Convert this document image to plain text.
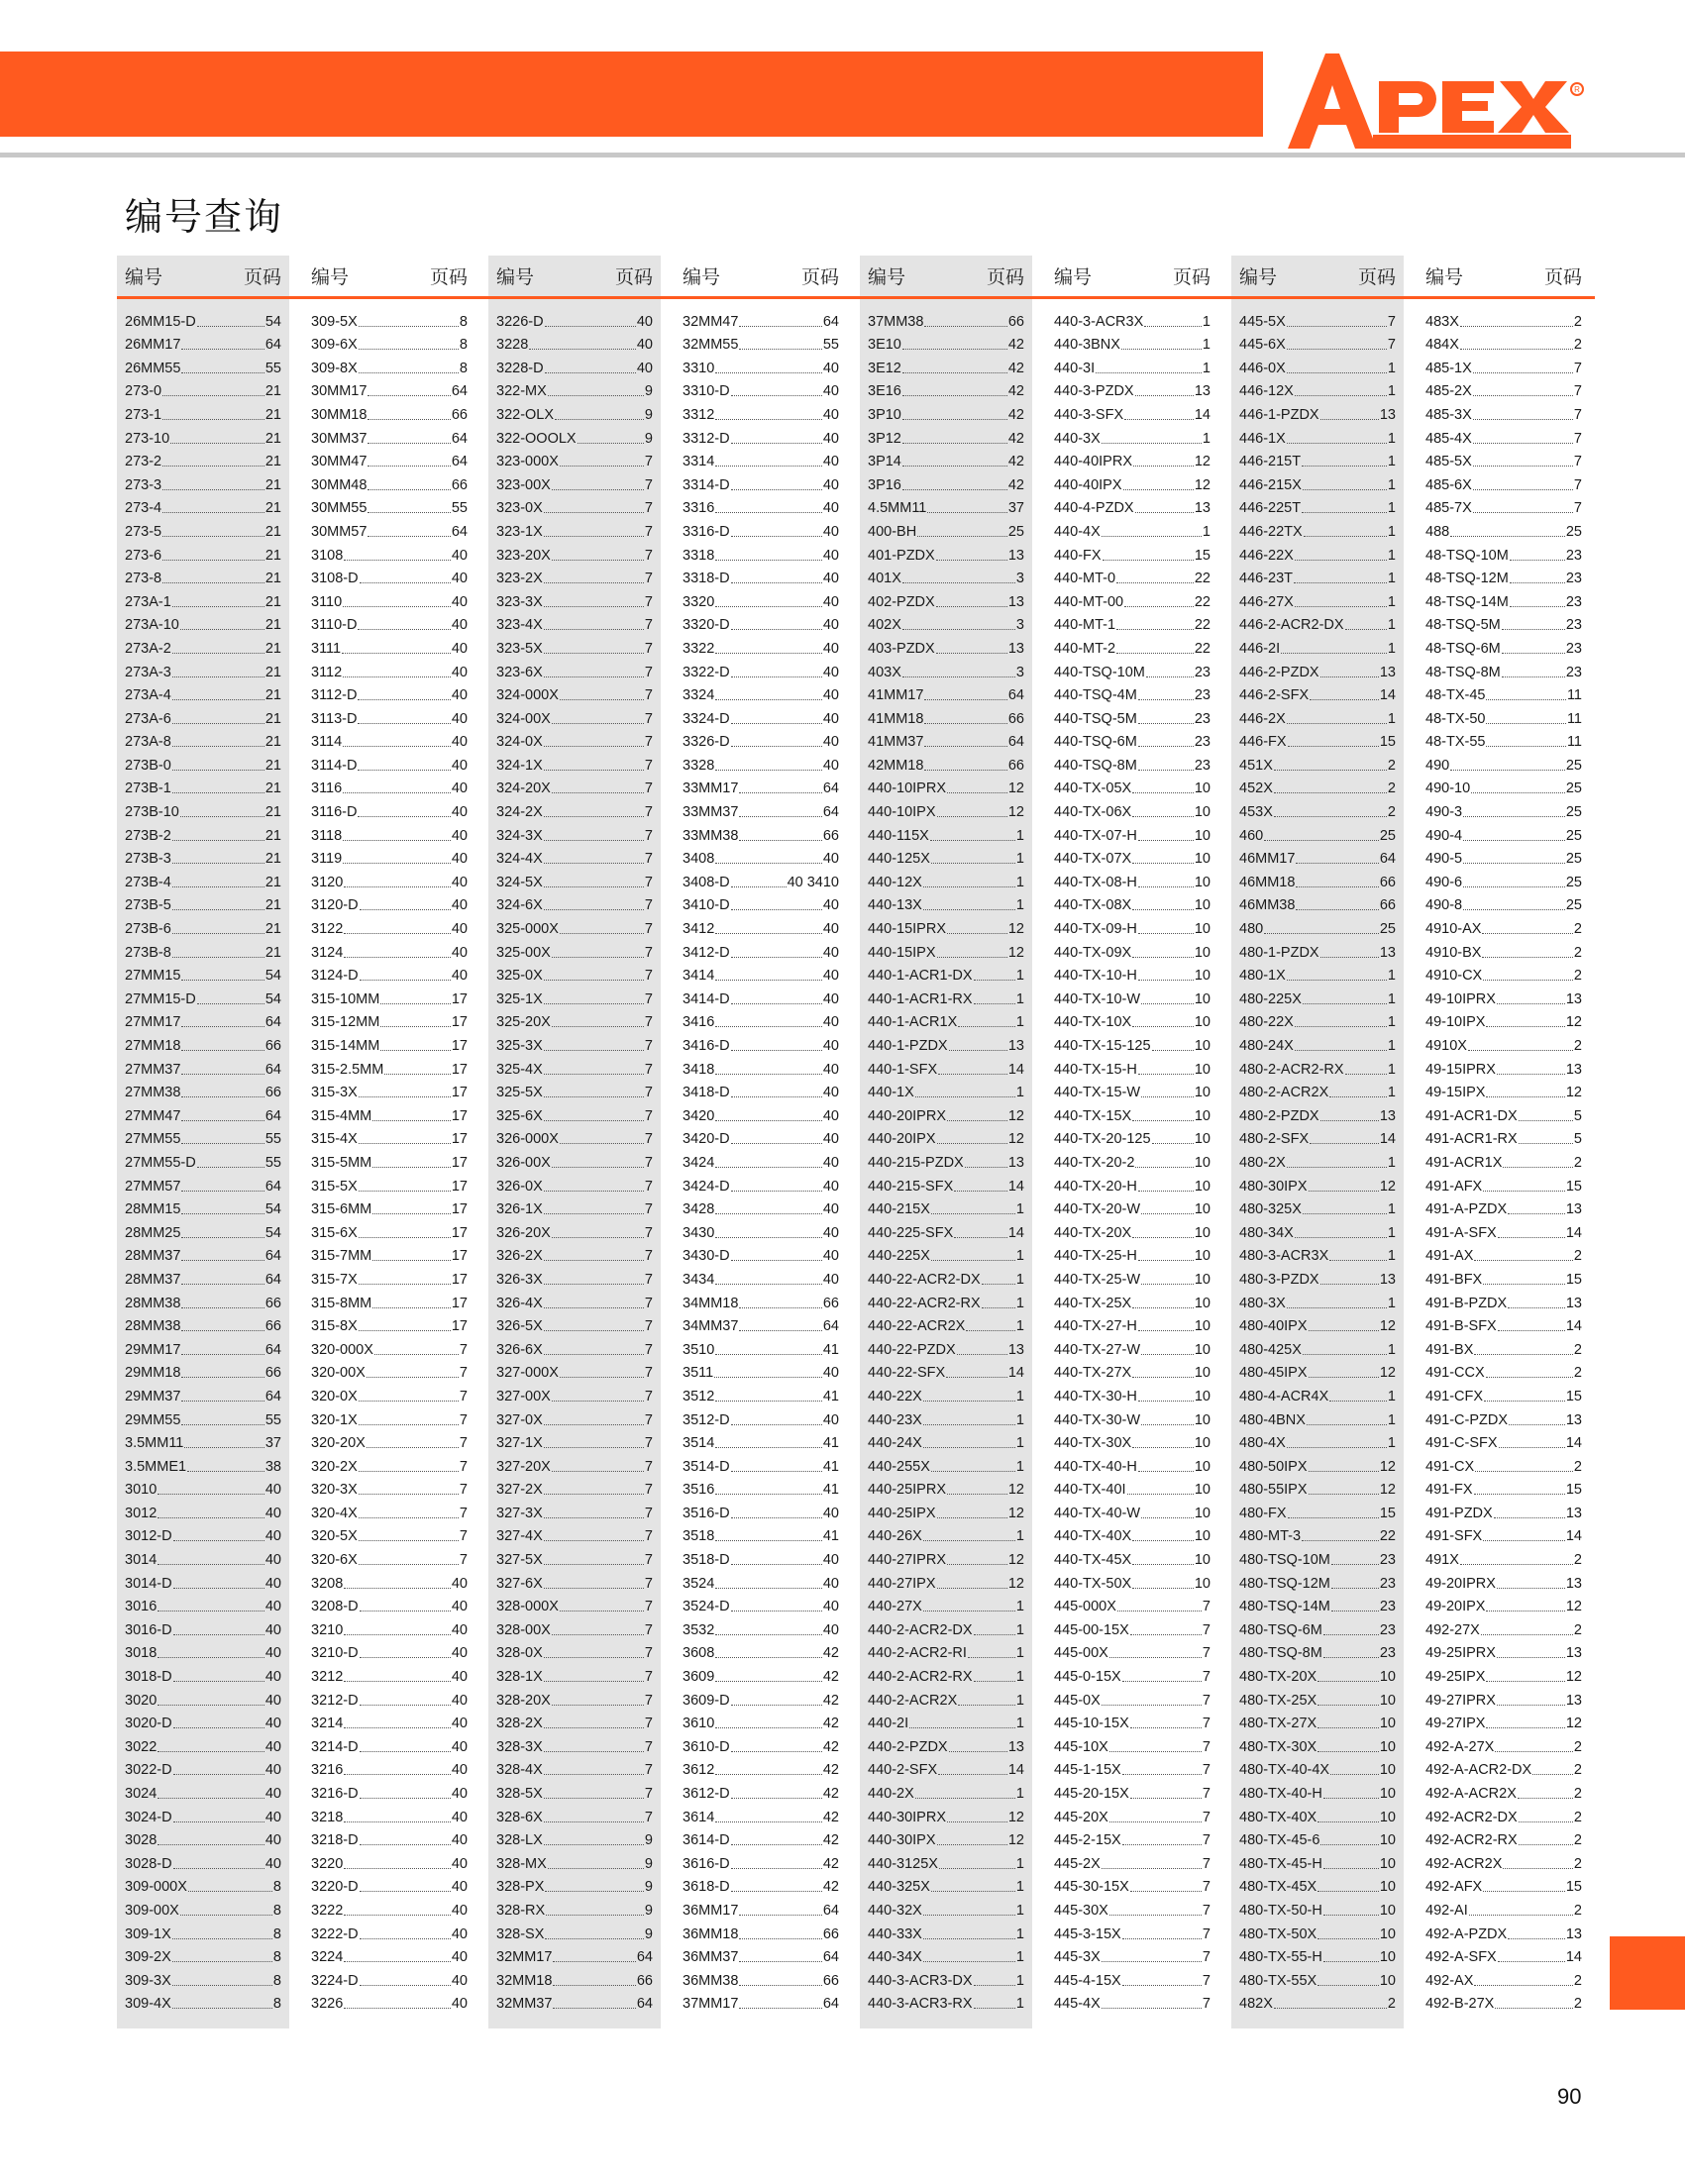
R
编号查询
编号	页码
26MM15-D	54
26MM17	64
26MM55	55
273-0	21
273-1	21
273-10	21
273-2	21
273-3	21
273-4	21
273-5	21
273-6	21
273-8	21
273A-1	21
273A-10	21
273A-2	21
273A-3	21
273A-4	21
273A-6	21
273A-8	21
273B-0	21
273B-1	21
273B-10	21
273B-2	21
273B-3	21
273B-4	21
273B-5	21
273B-6	21
273B-8	21
27MM15	54
27MM15-D	54
27MM17	64
27MM18	66
27MM37	64
27MM38	66
27MM47	64
27MM55	55
27MM55-D	55
27MM57	64
28MM15	54
28MM25	54
28MM37	64
28MM37	64
28MM38	66
28MM38	66
29MM17	64
29MM18	66
29MM37	64
29MM55	55
3.5MM11	37
3.5MME1	38
3010	40
3012	40
3012-D	40
3014	40
3014-D	40
3016	40
3016-D	40
3018	40
3018-D	40
3020	40
3020-D	40
3022	40
3022-D	40
3024	40
3024-D	40
3028	40
3028-D	40
309-000X	8
309-00X	8
309-1X	8
309-2X	8
309-3X	8
309-4X	8
编号	页码
309-5X	8
309-6X	8
309-8X	8
30MM17	64
30MM18	66
30MM37	64
30MM47	64
30MM48	66
30MM55	55
30MM57	64
3108	40
3108-D	40
3110	40
3110-D	40
3111	40
3112	40
3112-D	40
3113-D	40
3114	40
3114-D	40
3116	40
3116-D	40
3118	40
3119	40
3120	40
3120-D	40
3122	40
3124	40
3124-D	40
315-10MM	17
315-12MM	17
315-14MM	17
315-2.5MM	17
315-3X	17
315-4MM	17
315-4X	17
315-5MM	17
315-5X	17
315-6MM	17
315-6X	17
315-7MM	17
315-7X	17
315-8MM	17
315-8X	17
320-000X	7
320-00X	7
320-0X	7
320-1X	7
320-20X	7
320-2X	7
320-3X	7
320-4X	7
320-5X	7
320-6X	7
3208	40
3208-D	40
3210	40
3210-D	40
3212	40
3212-D	40
3214	40
3214-D	40
3216	40
3216-D	40
3218	40
3218-D	40
3220	40
3220-D	40
3222	40
3222-D	40
3224	40
3224-D	40
3226	40
编号	页码
3226-D	40
3228	40
3228-D	40
322-MX	9
322-OLX	9
322-OOOLX	9
323-000X	7
323-00X	7
323-0X	7
323-1X	7
323-20X	7
323-2X	7
323-3X	7
323-4X	7
323-5X	7
323-6X	7
324-000X	7
324-00X	7
324-0X	7
324-1X	7
324-20X	7
324-2X	7
324-3X	7
324-4X	7
324-5X	7
324-6X	7
325-000X	7
325-00X	7
325-0X	7
325-1X	7
325-20X	7
325-3X	7
325-4X	7
325-5X	7
325-6X	7
326-000X	7
326-00X	7
326-0X	7
326-1X	7
326-20X	7
326-2X	7
326-3X	7
326-4X	7
326-5X	7
326-6X	7
327-000X	7
327-00X	7
327-0X	7
327-1X	7
327-20X	7
327-2X	7
327-3X	7
327-4X	7
327-5X	7
327-6X	7
328-000X	7
328-00X	7
328-0X	7
328-1X	7
328-20X	7
328-2X	7
328-3X	7
328-4X	7
328-5X	7
328-6X	7
328-LX	9
328-MX	9
328-PX	9
328-RX	9
328-SX	9
32MM17	64
32MM18	66
32MM37	64
编号	页码
32MM47	64
32MM55	55
3310	40
3310-D	40
3312	40
3312-D	40
3314	40
3314-D	40
3316	40
3316-D	40
3318	40
3318-D	40
3320	40
3320-D	40
3322	40
3322-D	40
3324	40
3324-D	40
3326-D	40
3328	40
33MM17	64
33MM37	64
33MM38	66
3408	40
3408-D	40 3410
3410-D	40
3412	40
3412-D	40
3414	40
3414-D	40
3416	40
3416-D	40
3418	40
3418-D	40
3420	40
3420-D	40
3424	40
3424-D	40
3428	40
3430	40
3430-D	40
3434	40
34MM18	66
34MM37	64
3510	41
3511	40
3512	41
3512-D	40
3514	41
3514-D	41
3516	41
3516-D	40
3518	41
3518-D	40
3524	40
3524-D	40
3532	40
3608	42
3609	42
3609-D	42
3610	42
3610-D	42
3612	42
3612-D	42
3614	42
3614-D	42
3616-D	42
3618-D	42
36MM17	64
36MM18	66
36MM37	64
36MM38	66
37MM17	64
编号	页码
37MM38	66
3E10	42
3E12	42
3E16	42
3P10	42
3P12	42
3P14	42
3P16	42
4.5MM11	37
400-BH	25
401-PZDX	13
401X	3
402-PZDX	13
402X	3
403-PZDX	13
403X	3
41MM17	64
41MM18	66
41MM37	64
42MM18	66
440-10IPRX	12
440-10IPX	12
440-115X	1
440-125X	1
440-12X	1
440-13X	1
440-15IPRX	12
440-15IPX	12
440-1-ACR1-DX	1
440-1-ACR1-RX	1
440-1-ACR1X	1
440-1-PZDX	13
440-1-SFX	14
440-1X	1
440-20IPRX	12
440-20IPX	12
440-215-PZDX	13
440-215-SFX	14
440-215X	1
440-225-SFX	14
440-225X	1
440-22-ACR2-DX	1
440-22-ACR2-RX	1
440-22-ACR2X	1
440-22-PZDX	13
440-22-SFX	14
440-22X	1
440-23X	1
440-24X	1
440-255X	1
440-25IPRX	12
440-25IPX	12
440-26X	1
440-27IPRX	12
440-27IPX	12
440-27X	1
440-2-ACR2-DX	1
440-2-ACR2-RI	1
440-2-ACR2-RX	1
440-2-ACR2X	1
440-2I	1
440-2-PZDX	13
440-2-SFX	14
440-2X	1
440-30IPRX	12
440-30IPX	12
440-3125X	1
440-325X	1
440-32X	1
440-33X	1
440-34X	1
440-3-ACR3-DX	1
440-3-ACR3-RX	1
编号	页码
440-3-ACR3X	1
440-3BNX	1
440-3I	1
440-3-PZDX	13
440-3-SFX	14
440-3X	1
440-40IPRX	12
440-40IPX	12
440-4-PZDX	13
440-4X	1
440-FX	15
440-MT-0	22
440-MT-00	22
440-MT-1	22
440-MT-2	22
440-TSQ-10M	23
440-TSQ-4M	23
440-TSQ-5M	23
440-TSQ-6M	23
440-TSQ-8M	23
440-TX-05X	10
440-TX-06X	10
440-TX-07-H	10
440-TX-07X	10
440-TX-08-H	10
440-TX-08X	10
440-TX-09-H	10
440-TX-09X	10
440-TX-10-H	10
440-TX-10-W	10
440-TX-10X	10
440-TX-15-125	10
440-TX-15-H	10
440-TX-15-W	10
440-TX-15X	10
440-TX-20-125	10
440-TX-20-2	10
440-TX-20-H	10
440-TX-20-W	10
440-TX-20X	10
440-TX-25-H	10
440-TX-25-W	10
440-TX-25X	10
440-TX-27-H	10
440-TX-27-W	10
440-TX-27X	10
440-TX-30-H	10
440-TX-30-W	10
440-TX-30X	10
440-TX-40-H	10
440-TX-40I	10
440-TX-40-W	10
440-TX-40X	10
440-TX-45X	10
440-TX-50X	10
445-000X	7
445-00-15X	7
445-00X	7
445-0-15X	7
445-0X	7
445-10-15X	7
445-10X	7
445-1-15X	7
445-20-15X	7
445-20X	7
445-2-15X	7
445-2X	7
445-30-15X	7
445-30X	7
445-3-15X	7
445-3X	7
445-4-15X	7
445-4X	7
编号	页码
445-5X	7
445-6X	7
446-0X	1
446-12X	1
446-1-PZDX	13
446-1X	1
446-215T	1
446-215X	1
446-225T	1
446-22TX	1
446-22X	1
446-23T	1
446-27X	1
446-2-ACR2-DX	1
446-2I	1
446-2-PZDX	13
446-2-SFX	14
446-2X	1
446-FX	15
451X	2
452X	2
453X	2
460	25
46MM17	64
46MM18	66
46MM38	66
480	25
480-1-PZDX	13
480-1X	1
480-225X	1
480-22X	1
480-24X	1
480-2-ACR2-RX	1
480-2-ACR2X	1
480-2-PZDX	13
480-2-SFX	14
480-2X	1
480-30IPX	12
480-325X	1
480-34X	1
480-3-ACR3X	1
480-3-PZDX	13
480-3X	1
480-40IPX	12
480-425X	1
480-45IPX	12
480-4-ACR4X	1
480-4BNX	1
480-4X	1
480-50IPX	12
480-55IPX	12
480-FX	15
480-MT-3	22
480-TSQ-10M	23
480-TSQ-12M	23
480-TSQ-14M	23
480-TSQ-6M	23
480-TSQ-8M	23
480-TX-20X	10
480-TX-25X	10
480-TX-27X	10
480-TX-30X	10
480-TX-40-4X	10
480-TX-40-H	10
480-TX-40X	10
480-TX-45-6	10
480-TX-45-H	10
480-TX-45X	10
480-TX-50-H	10
480-TX-50X	10
480-TX-55-H	10
480-TX-55X	10
482X	2
编号	页码
483X	2
484X	2
485-1X	7
485-2X	7
485-3X	7
485-4X	7
485-5X	7
485-6X	7
485-7X	7
488	25
48-TSQ-10M	23
48-TSQ-12M	23
48-TSQ-14M	23
48-TSQ-5M	23
48-TSQ-6M	23
48-TSQ-8M	23
48-TX-45	11
48-TX-50	11
48-TX-55	11
490	25
490-10	25
490-3	25
490-4	25
490-5	25
490-6	25
490-8	25
4910-AX	2
4910-BX	2
4910-CX	2
49-10IPRX	13
49-10IPX	12
4910X	2
49-15IPRX	13
49-15IPX	12
491-ACR1-DX	5
491-ACR1-RX	5
491-ACR1X	2
491-AFX	15
491-A-PZDX	13
491-A-SFX	14
491-AX	2
491-BFX	15
491-B-PZDX	13
491-B-SFX	14
491-BX	2
491-CCX	2
491-CFX	15
491-C-PZDX	13
491-C-SFX	14
491-CX	2
491-FX	15
491-PZDX	13
491-SFX	14
491X	2
49-20IPRX	13
49-20IPX	12
492-27X	2
49-25IPRX	13
49-25IPX	12
49-27IPRX	13
49-27IPX	12
492-A-27X	2
492-A-ACR2-DX	2
492-A-ACR2X	2
492-ACR2-DX	2
492-ACR2-RX	2
492-ACR2X	2
492-AFX	15
492-AI	2
492-A-PZDX	13
492-A-SFX	14
492-AX	2
492-B-27X	2
90
